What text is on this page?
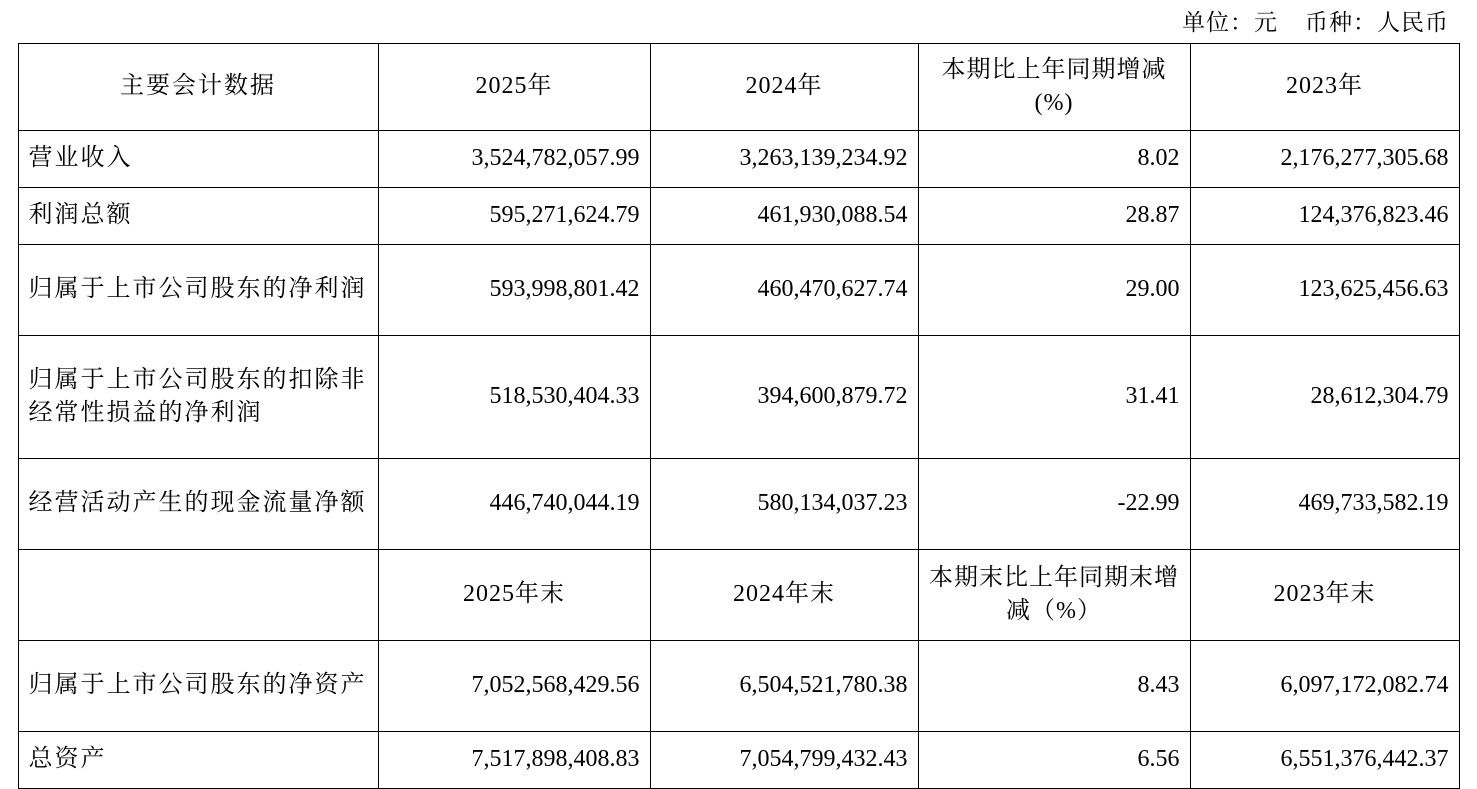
单位：元    币种：人民币
主要会计数据	2025年	2024年	本期比上年同期增减(%)	2023年
营业收入	3,524,782,057.99	3,263,139,234.92	8.02	2,176,277,305.68
利润总额	595,271,624.79	461,930,088.54	28.87	124,376,823.46
归属于上市公司股东的净利润	593,998,801.42	460,470,627.74	29.00	123,625,456.63
归属于上市公司股东的扣除非经常性损益的净利润	518,530,404.33	394,600,879.72	31.41	28,612,304.79
经营活动产生的现金流量净额	446,740,044.19	580,134,037.23	-22.99	469,733,582.19
	2025年末	2024年末	本期末比上年同期末增减（%）	2023年末
归属于上市公司股东的净资产	7,052,568,429.56	6,504,521,780.38	8.43	6,097,172,082.74
总资产	7,517,898,408.83	7,054,799,432.43	6.56	6,551,376,442.37
